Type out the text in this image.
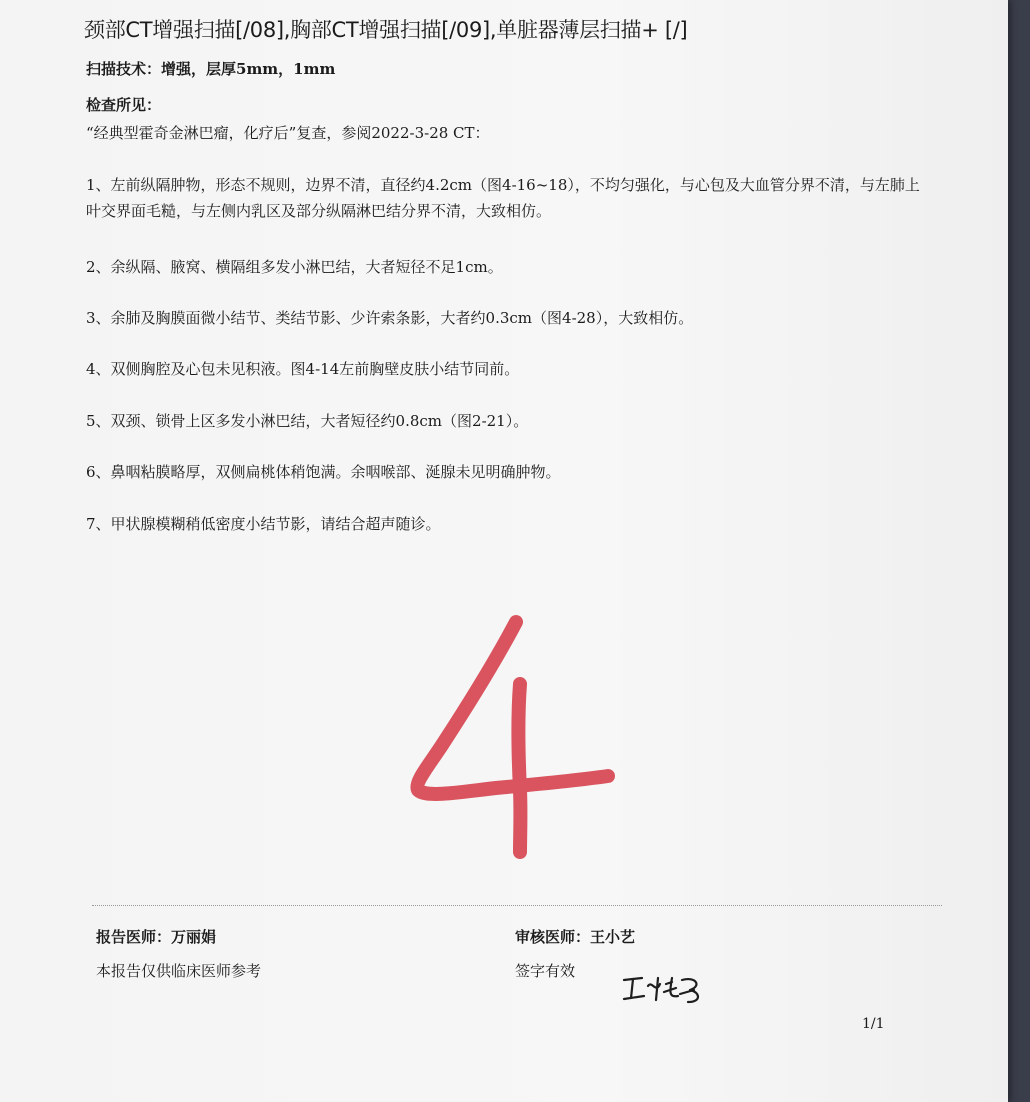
颈部CT增强扫描[/08],胸部CT增强扫描[/09],单脏器薄层扫描+ [/]
扫描技术：增强，层厚5mm，1mm
检查所见：
“经典型霍奇金淋巴瘤，化疗后”复查，参阅2022-3-28 CT：
1、左前纵隔肿物，形态不规则，边界不清，直径约4.2cm（图4-16~18），不均匀强化，与心包及大血管分界不清，与左肺上叶交界面毛糙，与左侧内乳区及部分纵隔淋巴结分界不清，大致相仿。
2、余纵隔、腋窝、横隔组多发小淋巴结，大者短径不足1cm。
3、余肺及胸膜面微小结节、类结节影、少许索条影，大者约0.3cm（图4-28），大致相仿。
4、双侧胸腔及心包未见积液。图4-14左前胸壁皮肤小结节同前。
5、双颈、锁骨上区多发小淋巴结，大者短径约0.8cm（图2-21）。
6、鼻咽粘膜略厚，双侧扁桃体稍饱满。余咽喉部、涎腺未见明确肿物。
7、甲状腺模糊稍低密度小结节影，请结合超声随诊。
报告医师：万丽娟
本报告仅供临床医师参考
审核医师：王小艺
签字有效
1/1
